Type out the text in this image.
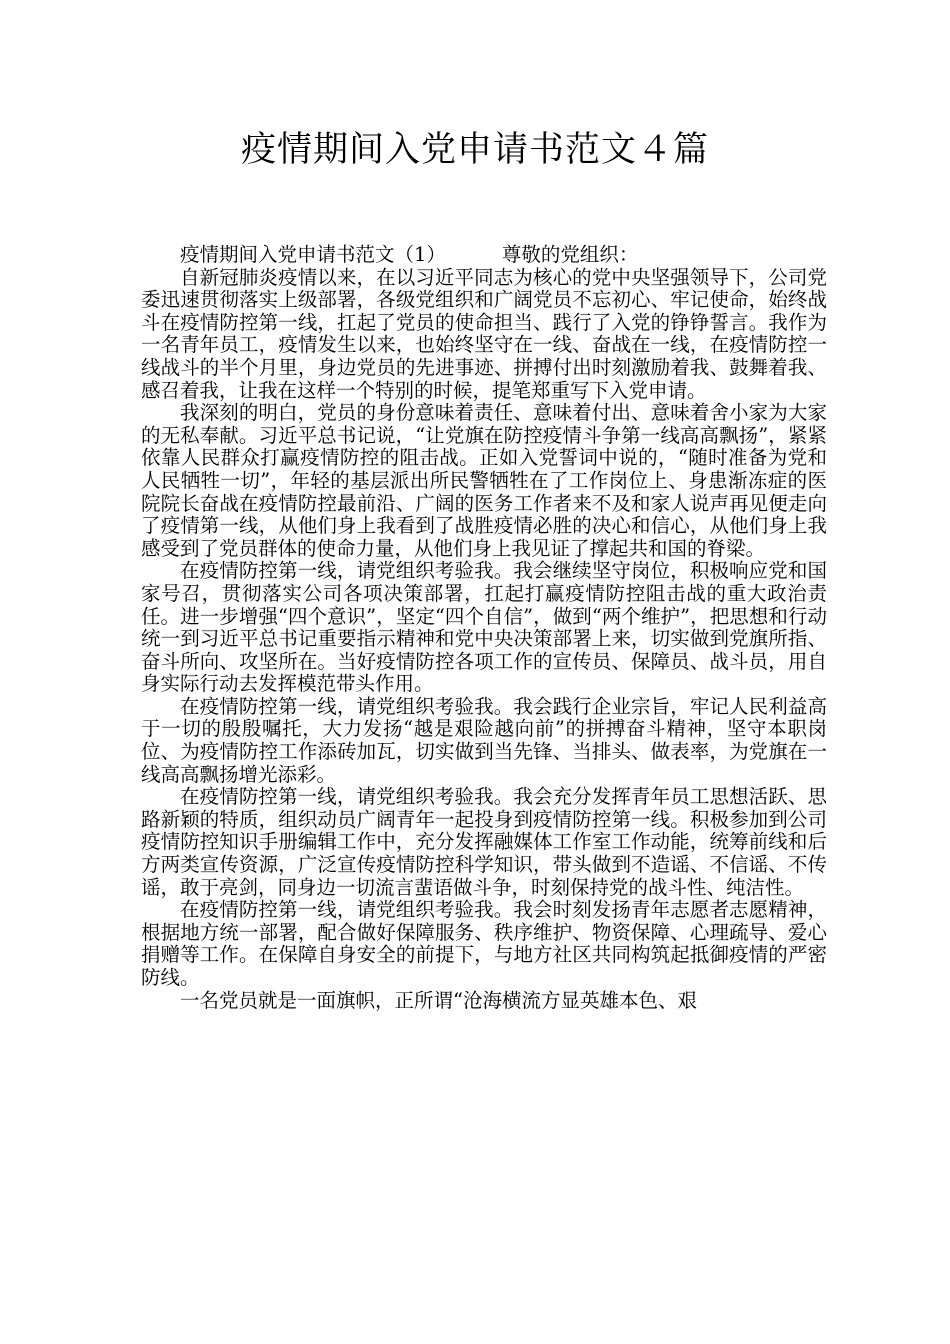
疫情期间入党申请书范文４篇

疫情期间入党申请书范文（1）	尊敬的党组织：

自新冠肺炎疫情以来，在以习近平同志为核心的党中央坚强领导下，公司党委迅速贯彻落实上级部署，各级党组织和广阔党员不忘初心、牢记使命，始终战斗在疫情防控第一线，扛起了党员的使命担当、践行了入党的铮铮誓言。我作为一名青年员工，疫情发生以来，也始终坚守在一线、奋战在一线，在疫情防控一线战斗的半个月里，身边党员的先进事迹、拼搏付出时刻激励着我、鼓舞着我、感召着我，让我在这样一个特别的时候，提笔郑重写下入党申请。

我深刻的明白，党员的身份意味着责任、意味着付出、意味着舍小家为大家的无私奉献。习近平总书记说，“让党旗在防控疫情斗争第一线高高飘扬”，紧紧依靠人民群众打赢疫情防控的阻击战。正如入党誓词中说的，“随时准备为党和人民牺牲一切”，年轻的基层派出所民警牺牲在了工作岗位上、身患渐冻症的医院院长奋战在疫情防控最前沿、广阔的医务工作者来不及和家人说声再见便走向了疫情第一线，从他们身上我看到了战胜疫情必胜的决心和信心，从他们身上我感受到了党员群体的使命力量，从他们身上我见证了撑起共和国的脊梁。

在疫情防控第一线，请党组织考验我。我会继续坚守岗位，积极响应党和国家号召，贯彻落实公司各项决策部署，扛起打赢疫情防控阻击战的重大政治责任。进一步增强“四个意识”，坚定“四个自信”，做到“两个维护”，把思想和行动统一到习近平总书记重要指示精神和党中央决策部署上来，切实做到党旗所指、奋斗所向、攻坚所在。当好疫情防控各项工作的宣传员、保障员、战斗员，用自身实际行动去发挥模范带头作用。

在疫情防控第一线，请党组织考验我。我会践行企业宗旨，牢记人民利益高于一切的殷殷嘱托，大力发扬“越是艰险越向前”的拼搏奋斗精神，坚守本职岗位、为疫情防控工作添砖加瓦，切实做到当先锋、当排头、做表率，为党旗在一线高高飘扬增光添彩。

在疫情防控第一线，请党组织考验我。我会充分发挥青年员工思想活跃、思路新颖的特质，组织动员广阔青年一起投身到疫情防控第一线。积极参加到公司疫情防控知识手册编辑工作中，充分发挥融媒体工作室工作动能，统筹前线和后方两类宣传资源，广泛宣传疫情防控科学知识，带头做到不造谣、不信谣、不传谣，敢于亮剑，同身边一切流言蜚语做斗争，时刻保持党的战斗性、纯洁性。

在疫情防控第一线，请党组织考验我。我会时刻发扬青年志愿者志愿精神，根据地方统一部署，配合做好保障服务、秩序维护、物资保障、心理疏导、爱心捐赠等工作。在保障自身安全的前提下，与地方社区共同构筑起抵御疫情的严密防线。

一名党员就是一面旗帜，正所谓“沧海横流方显英雄本色、艰
